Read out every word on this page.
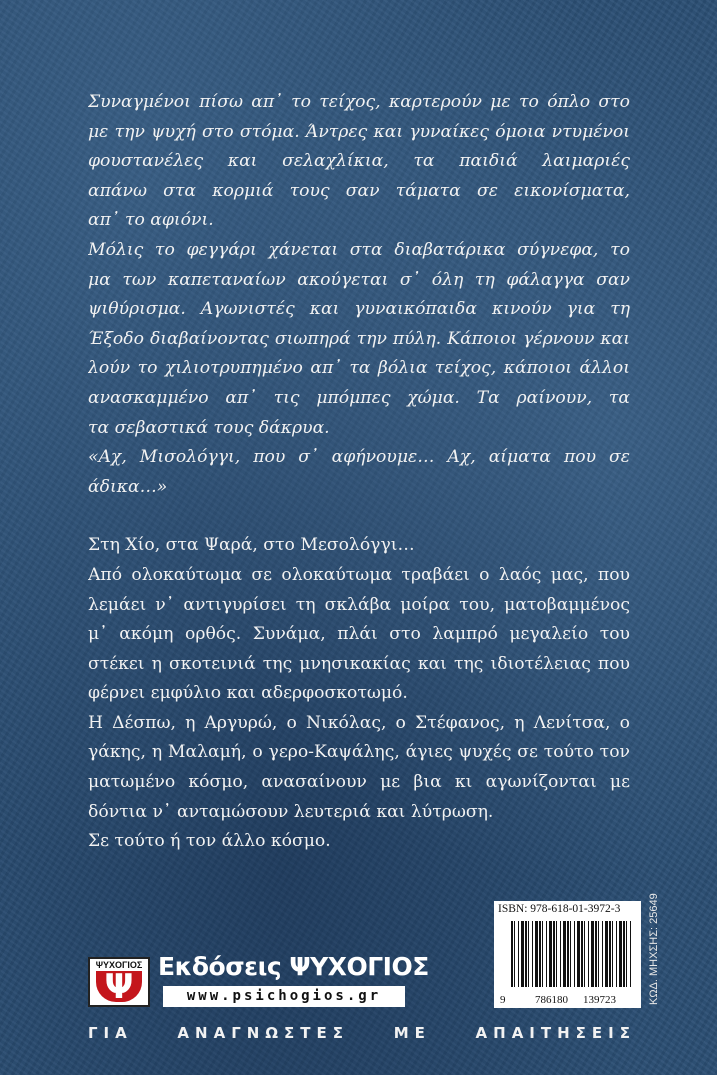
Συναγμένοι πίσω απ᾽ το τείχος, καρτερούν με το όπλο στο
με την ψυχή στο στόμα. Άντρες και γυναίκες όμοια ντυμένοι
φουστανέλες και σελαχλίκια, τα παιδιά λαιμαριές
απάνω στα κορμιά τους σαν τάματα σε εικονίσματα,
απ᾽ το αφιόνι.
Μόλις το φεγγάρι χάνεται στα διαβατάρικα σύγνεφα, το
μα των καπεταναίων ακούγεται σ᾽ όλη τη φάλαγγα σαν
ψιθύρισμα. Αγωνιστές και γυναικόπαιδα κινούν για τη
Έξοδο διαβαίνοντας σιωπηρά την πύλη. Κάποιοι γέρνουν και
λούν το χιλιοτρυπημένο απ᾽ τα βόλια τείχος, κάποιοι άλλοι
ανασκαμμένο απ᾽ τις μπόμπες χώμα. Τα ραίνουν, τα
τα σεβαστικά τους δάκρυα.
«Αχ, Μισολόγγι, που σ᾽ αφήνουμε… Αχ, αίματα που σε
άδικα…»
Στη Χίο, στα Ψαρά, στο Μεσολόγγι…
Από ολοκαύτωμα σε ολοκαύτωμα τραβάει ο λαός μας, που
λεμάει ν᾽ αντιγυρίσει τη σκλάβα μοίρα του, ματοβαμμένος
μ᾽ ακόμη ορθός. Συνάμα, πλάι στο λαμπρό μεγαλείο του
στέκει η σκοτεινιά της μνησικακίας και της ιδιοτέλειας που
φέρνει εμφύλιο και αδερφοσκοτωμό.
Η Δέσπω, η Αργυρώ, ο Νικόλας, ο Στέφανος, η Λενίτσα, ο
γάκης, η Μαλαμή, ο γερο-Καψάλης, άγιες ψυχές σε τούτο τον
ματωμένο κόσμο, ανασαίνουν με βια κι αγωνίζονται με
δόντια ν᾽ ανταμώσουν λευτεριά και λύτρωση.
Σε τούτο ή τον άλλο κόσμο.
ΨΥΧΟΓΙΟΣ
Ψ
Εκδόσεις ΨΥΧΟΓΙΟΣ
www.psichogios.gr
ISBN: 978-618-01-3972-3
9	786180 139723	ΚΩΔ. ΜΗΧΣΗΣ: 25649
ΓΙΑ ΑΝΑΓΝΩΣΤΕΣ ΜΕ ΑΠΑΙΤΗΣΕΙΣ
